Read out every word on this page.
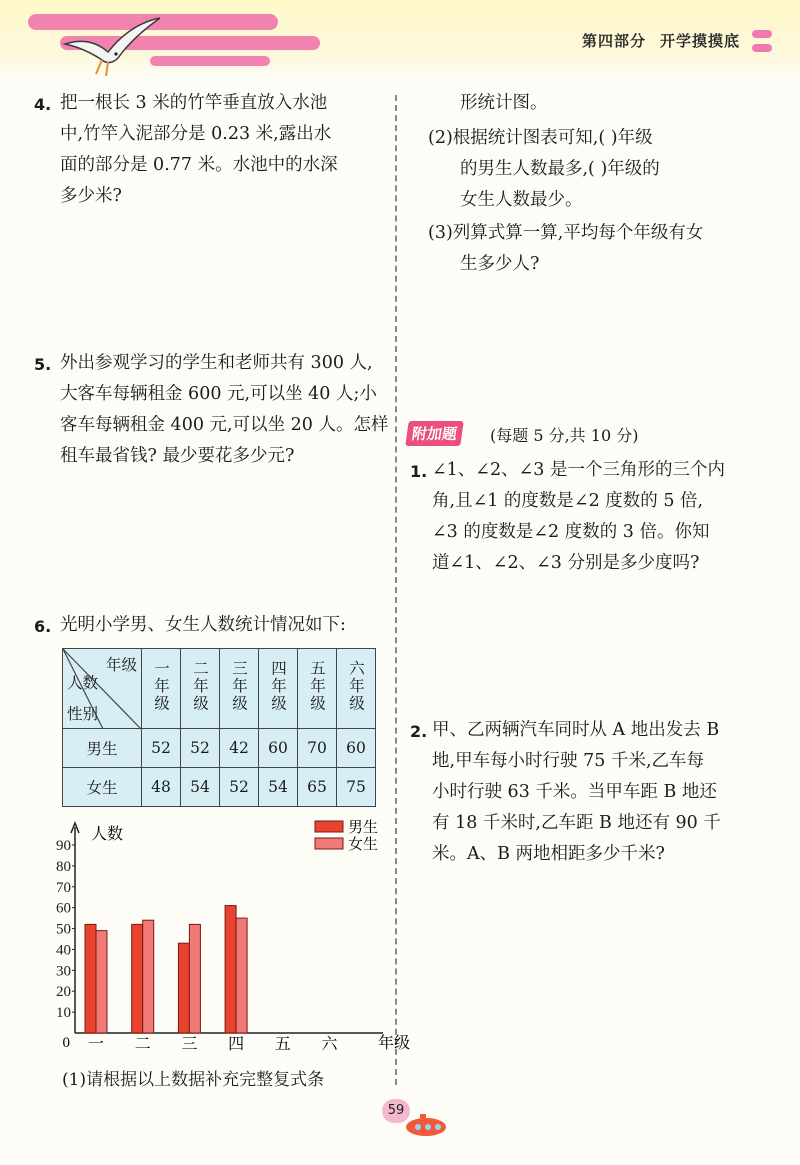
第四部分 开学摸摸底
4. 把一根长 3 米的竹竿垂直放入水池
中,竹竿入泥部分是 0.23 米,露出水
面的部分是 0.77 米。水池中的水深
多少米?
5. 外出参观学习的学生和老师共有 300 人,
大客车每辆租金 600 元,可以坐 40 人;小
客车每辆租金 400 元,可以坐 20 人。怎样
租车最省钱? 最少要花多少元?
6. 光明小学男、女生人数统计情况如下:
年级
人数
性别	一年级	二年级	三年级	四年级	五年级	六年级
男生	52	52	42	60	70	60
女生	48	54	52	54	65	75
10
20
30
40
50
60
70
80
90
0
人数
年级
一 二 三 四 五 六
男生
女生
(1)请根据以上数据补充完整复式条
形统计图。
(2)根据统计图表可知,( )年级
的男生人数最多,( )年级的
女生人数最少。
(3)列算式算一算,平均每个年级有女
生多少人?
附加题	(每题 5 分,共 10 分)
1. ∠1、∠2、∠3 是一个三角形的三个内
角,且∠1 的度数是∠2 度数的 5 倍,
∠3 的度数是∠2 度数的 3 倍。你知
道∠1、∠2、∠3 分别是多少度吗?
2. 甲、乙两辆汽车同时从 A 地出发去 B
地,甲车每小时行驶 75 千米,乙车每
小时行驶 63 千米。当甲车距 B 地还
有 18 千米时,乙车距 B 地还有 90 千
米。A、B 两地相距多少千米?
59
